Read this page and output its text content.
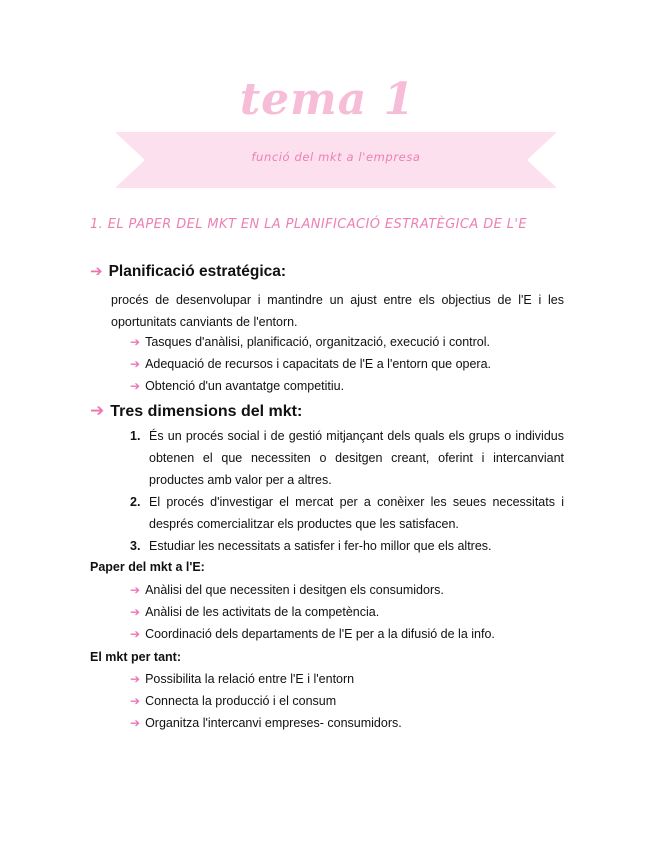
tema 1
funció del mkt a l'empresa
1. EL PAPER DEL MKT EN LA PLANIFICACIÓ ESTRATÈGICA DE L'E
➔ Planificació estratégica:
procés de desenvolupar i mantindre un ajust entre els objectius de l'E i les oportunitats canviants de l'entorn.
➔ Tasques d'anàlisi, planificació, organització, execució i control.
➔ Adequació de recursos i capacitats de l'E a l'entorn que opera.
➔ Obtenció d'un avantatge competitiu.
➔ Tres dimensions del mkt:
1. És un procés social i de gestió mitjançant dels quals els grups o individus obtenen el que necessiten o desitgen creant, oferint i intercanviant productes amb valor per a altres.
2. El procés d'investigar el mercat per a conèixer les seues necessitats i després comercialitzar els productes que les satisfacen.
3. Estudiar les necessitats a satisfer i fer-ho millor que els altres.
Paper del mkt a l'E:
➔ Anàlisi del que necessiten i desitgen els consumidors.
➔ Anàlisi de les activitats de la competència.
➔ Coordinació dels departaments de l'E per a la difusió de la info.
El mkt per tant:
➔ Possibilita la relació entre l'E i l'entorn
➔ Connecta la producció i el consum
➔ Organitza l'intercanvi empreses- consumidors.
